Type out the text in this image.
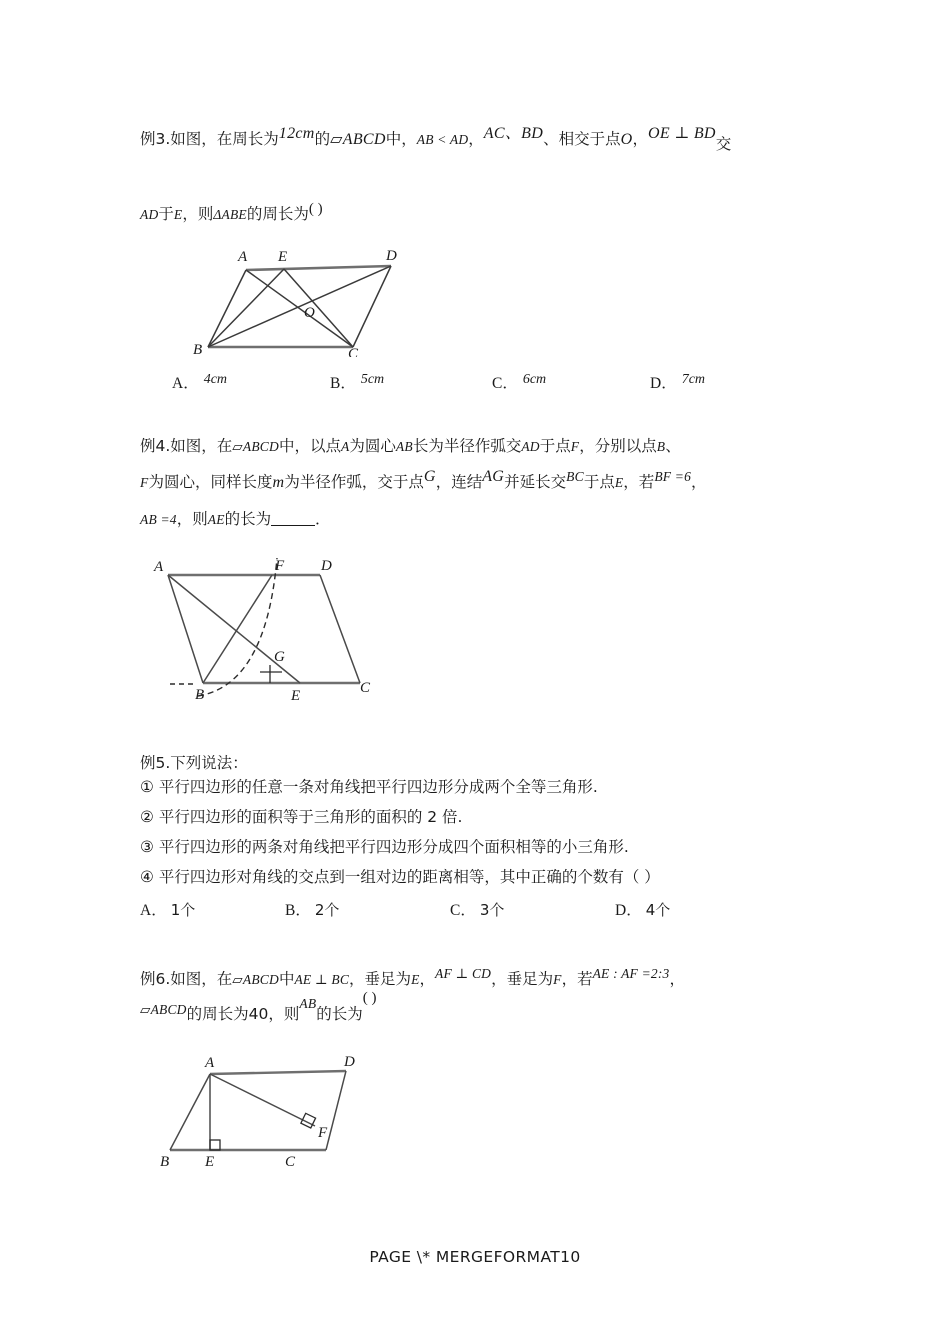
例3.如图，在周长为12cm的▱ABCD中，AB < AD，AC、BD、相交于点O，OE ⊥ BD交
AD于E，则ΔABE的周长为( )
A E	D
O
B	C
A． 4cm	B． 5cm	C． 6cm	D． 7cm
例4.如图，在▱ABCD中，以点A为圆心AB长为半径作弧交AD于点F，分别以点B、
F为圆心，同样长度m为半径作弧，交于点G，连结AG并延长交$^{BC}$于点E，若$^{BF =6}$，
AB =4，则AE的长为	．
A	F D
G
B	E	C
例5.下列说法：
① 平行四边形的任意一条对角线把平行四边形分成两个全等三角形.
② 平行四边形的面积等于三角形的面积的 2 倍.
③ 平行四边形的两条对角线把平行四边形分成四个面积相等的小三角形.
④ 平行四边形对角线的交点到一组对边的距离相等，其中正确的个数有（ ）
A． 1个	B． 2个	C． 3个	D． 4个
例6.如图，在▱ABCD中AE ⊥ BC，垂足为E，$^{AF \perp CD}$，垂足为F，若$^{AE : AF =2:3}$，
▱ABCD的周长为40，则$^{AB}$的长为( )
A	D
F
B E	C
PAGE \* MERGEFORMAT10
